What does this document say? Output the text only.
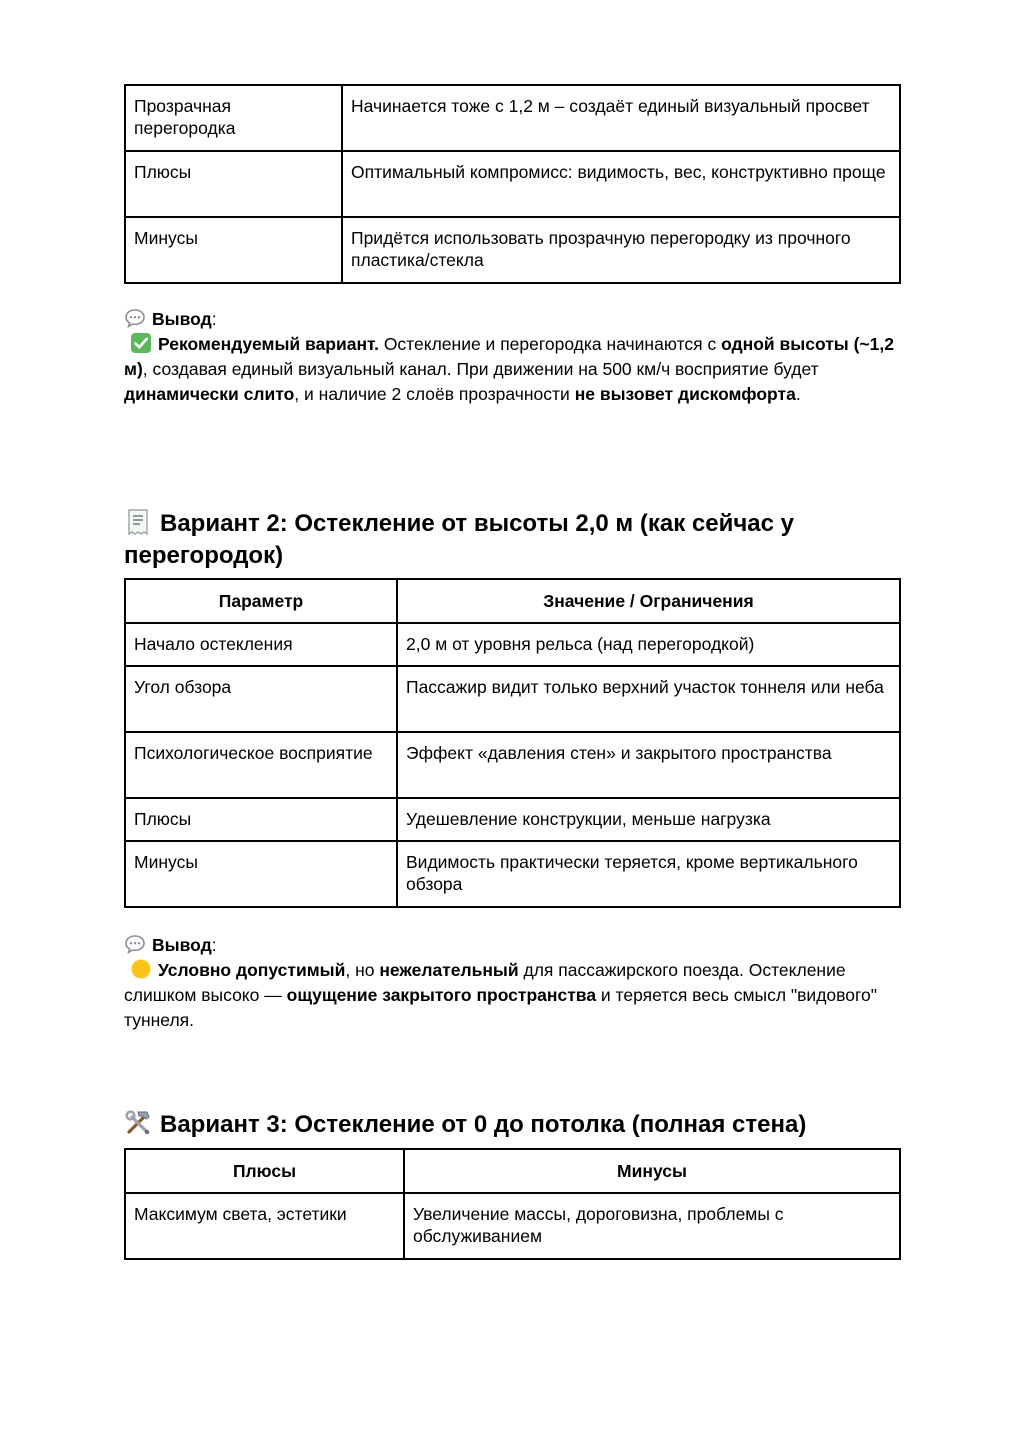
Прозрачная перегородка	Начинается тоже с 1,2 м – создаёт единый визуальный просвет
Плюсы	Оптимальный компромисс: видимость, вес, конструктивно проще
Минусы	Придётся использовать прозрачную перегородку из прочного пластика/стекла

Вывод:

Рекомендуемый вариант. Остекление и перегородка начинаются с одной высоты (~1,2 м), создавая единый визуальный канал. При движении на 500 км/ч восприятие будет динамически слито, и наличие 2 слоёв прозрачности не вызовет дискомфорта.

Вариант 2: Остекление от высоты 2,0 м (как сейчас у перегородок)
Параметр	Значение / Ограничения
Начало остекления	2,0 м от уровня рельса (над перегородкой)
Угол обзора	Пассажир видит только верхний участок тоннеля или неба
Психологическое восприятие	Эффект «давления стен» и закрытого пространства
Плюсы	Удешевление конструкции, меньше нагрузка
Минусы	Видимость практически теряется, кроме вертикального обзора

Вывод:

Условно допустимый, но нежелательный для пассажирского поезда. Остекление слишком высоко — ощущение закрытого пространства и теряется весь смысл "видового" туннеля.

Вариант 3: Остекление от 0 до потолка (полная стена)
Плюсы	Минусы
Максимум света, эстетики	Увеличение массы, дороговизна, проблемы с обслуживанием
